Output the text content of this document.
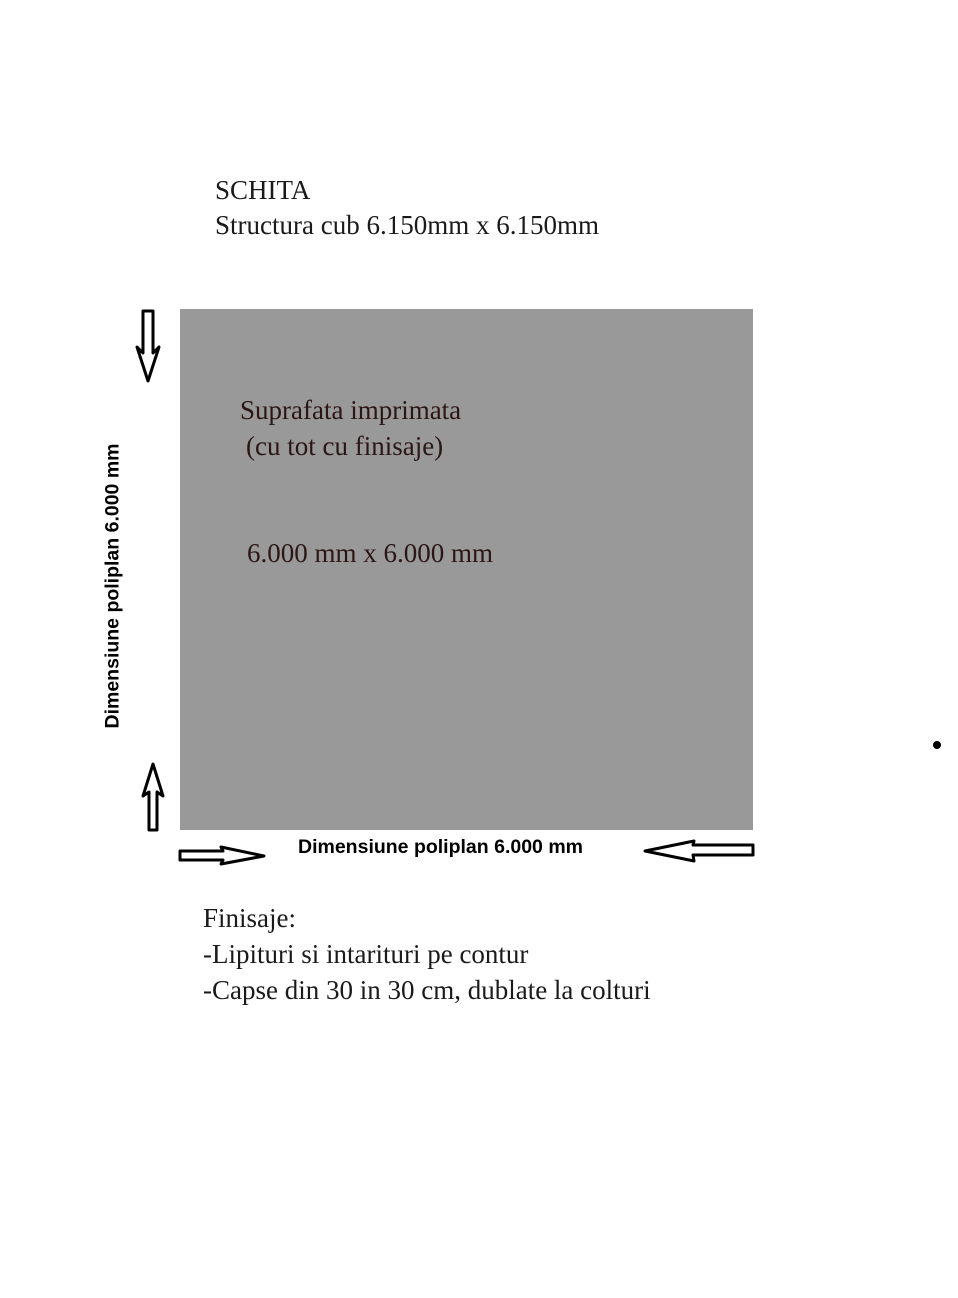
SCHITA
Structura cub 6.150mm x 6.150mm
Suprafata imprimata
(cu tot cu finisaje)
6.000 mm x 6.000 mm
Dimensiune poliplan 6.000 mm
Dimensiune poliplan 6.000 mm
Finisaje:
-Lipituri si intarituri pe contur
-Capse din 30 in 30 cm, dublate la colturi
